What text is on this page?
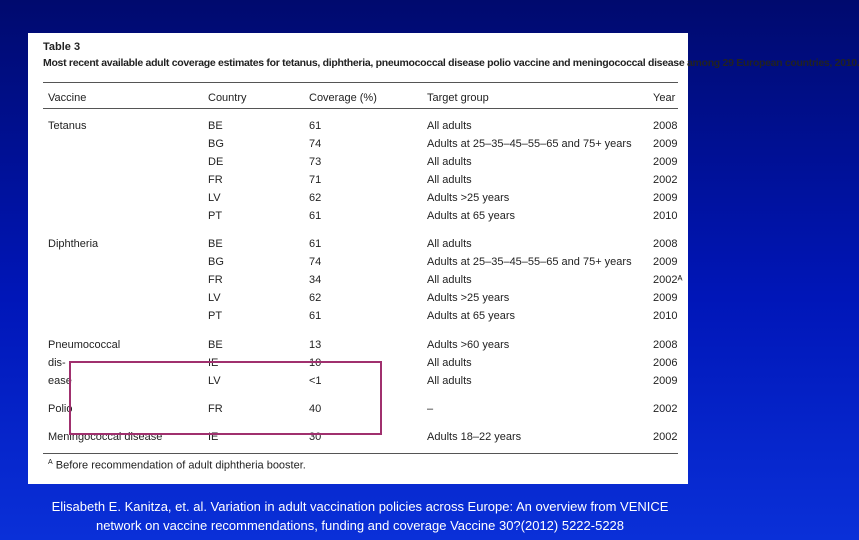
Table 3
Most recent available adult coverage estimates for tetanus, diphtheria, pneumococcal disease polio vaccine and meningococcal disease among 29 European countries, 2010.
Vaccine	Country	Coverage (%)	Target group	Year
Tetanus	BE	61	All adults	2008
BG	74	Adults at 25–35–45–55–65 and 75+ years 2009
DE	73	All adults	2009
FR	71	All adults	2002
LV	62	Adults >25 years	2009
PT	61	Adults at 65 years	2010
Diphtheria	BE	61	All adults	2008
BG	74	Adults at 25–35–45–55–65 and 75+ years 2009
FR	34	All adults	2002ᴬ
LV	62	Adults >25 years	2009
PT	61	Adults at 65 years	2010
Pneumococcal	BE	13	Adults >60 years	2008
dis-	IE	10	All adults	2006
ease	LV	<1	All adults	2009
Polio	FR	40	–	2002
Meningococcal disease	IE	30	Adults 18–22 years	2002
$^A$ Before recommendation of adult diphtheria booster.
Elisabeth E. Kanitza, et. al. Variation in adult vaccination policies across Europe: An overview from VENICE
network on vaccine recommendations, funding and coverage Vaccine 30?(2012) 5222-5228
